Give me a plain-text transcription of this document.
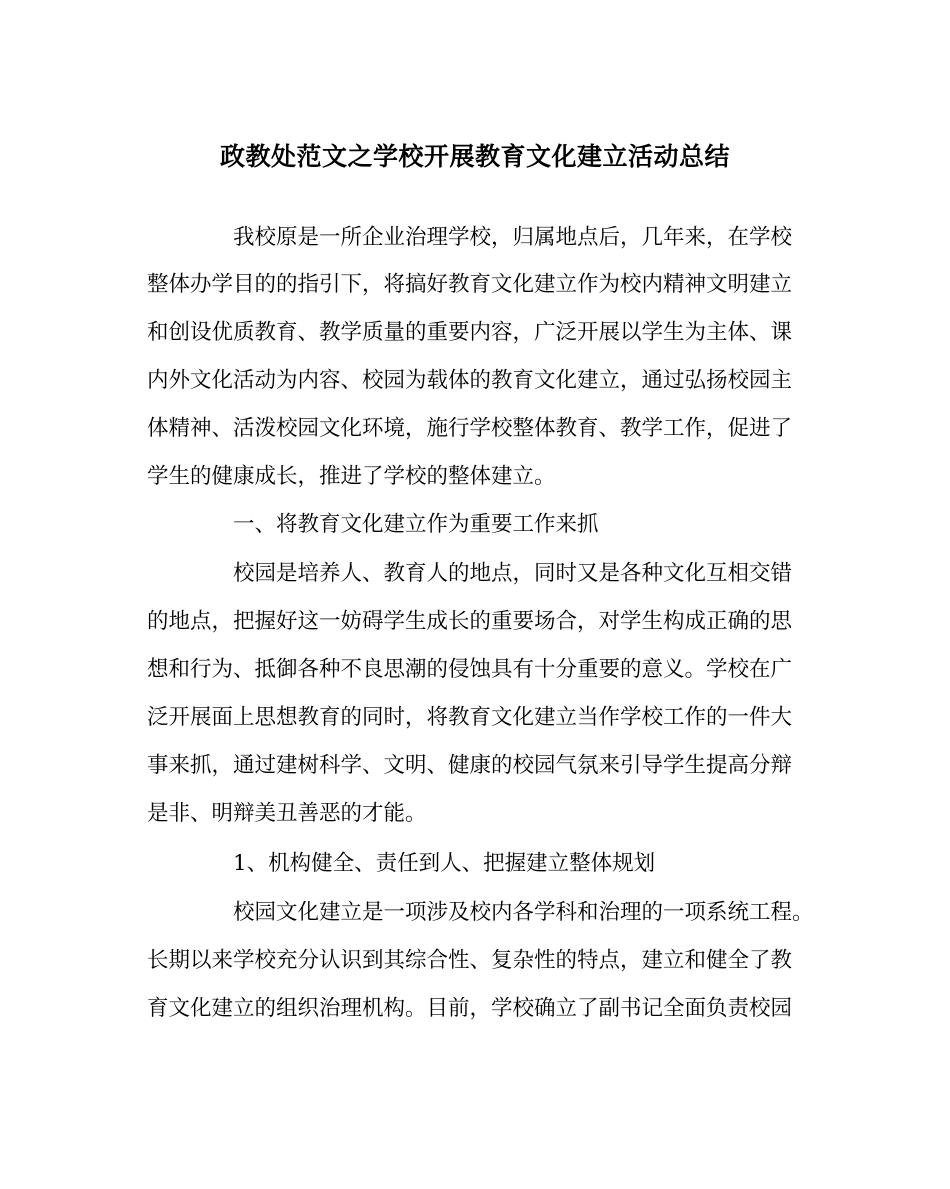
政教处范文之学校开展教育文化建立活动总结
我校原是一所企业治理学校，归属地点后，几年来，在学校
整体办学目的的指引下，将搞好教育文化建立作为校内精神文明建立
和创设优质教育、教学质量的重要内容，广泛开展以学生为主体、课
内外文化活动为内容、校园为载体的教育文化建立，通过弘扬校园主
体精神、活泼校园文化环境，施行学校整体教育、教学工作，促进了
学生的健康成长，推进了学校的整体建立。
一、将教育文化建立作为重要工作来抓
校园是培养人、教育人的地点，同时又是各种文化互相交错
的地点，把握好这一妨碍学生成长的重要场合，对学生构成正确的思
想和行为、抵御各种不良思潮的侵蚀具有十分重要的意义。学校在广
泛开展面上思想教育的同时，将教育文化建立当作学校工作的一件大
事来抓，通过建树科学、文明、健康的校园气氛来引导学生提高分辩
是非、明辩美丑善恶的才能。
1、机构健全、责任到人、把握建立整体规划
校园文化建立是一项涉及校内各学科和治理的一项系统工程。
长期以来学校充分认识到其综合性、复杂性的特点，建立和健全了教
育文化建立的组织治理机构。目前，学校确立了副书记全面负责校园
